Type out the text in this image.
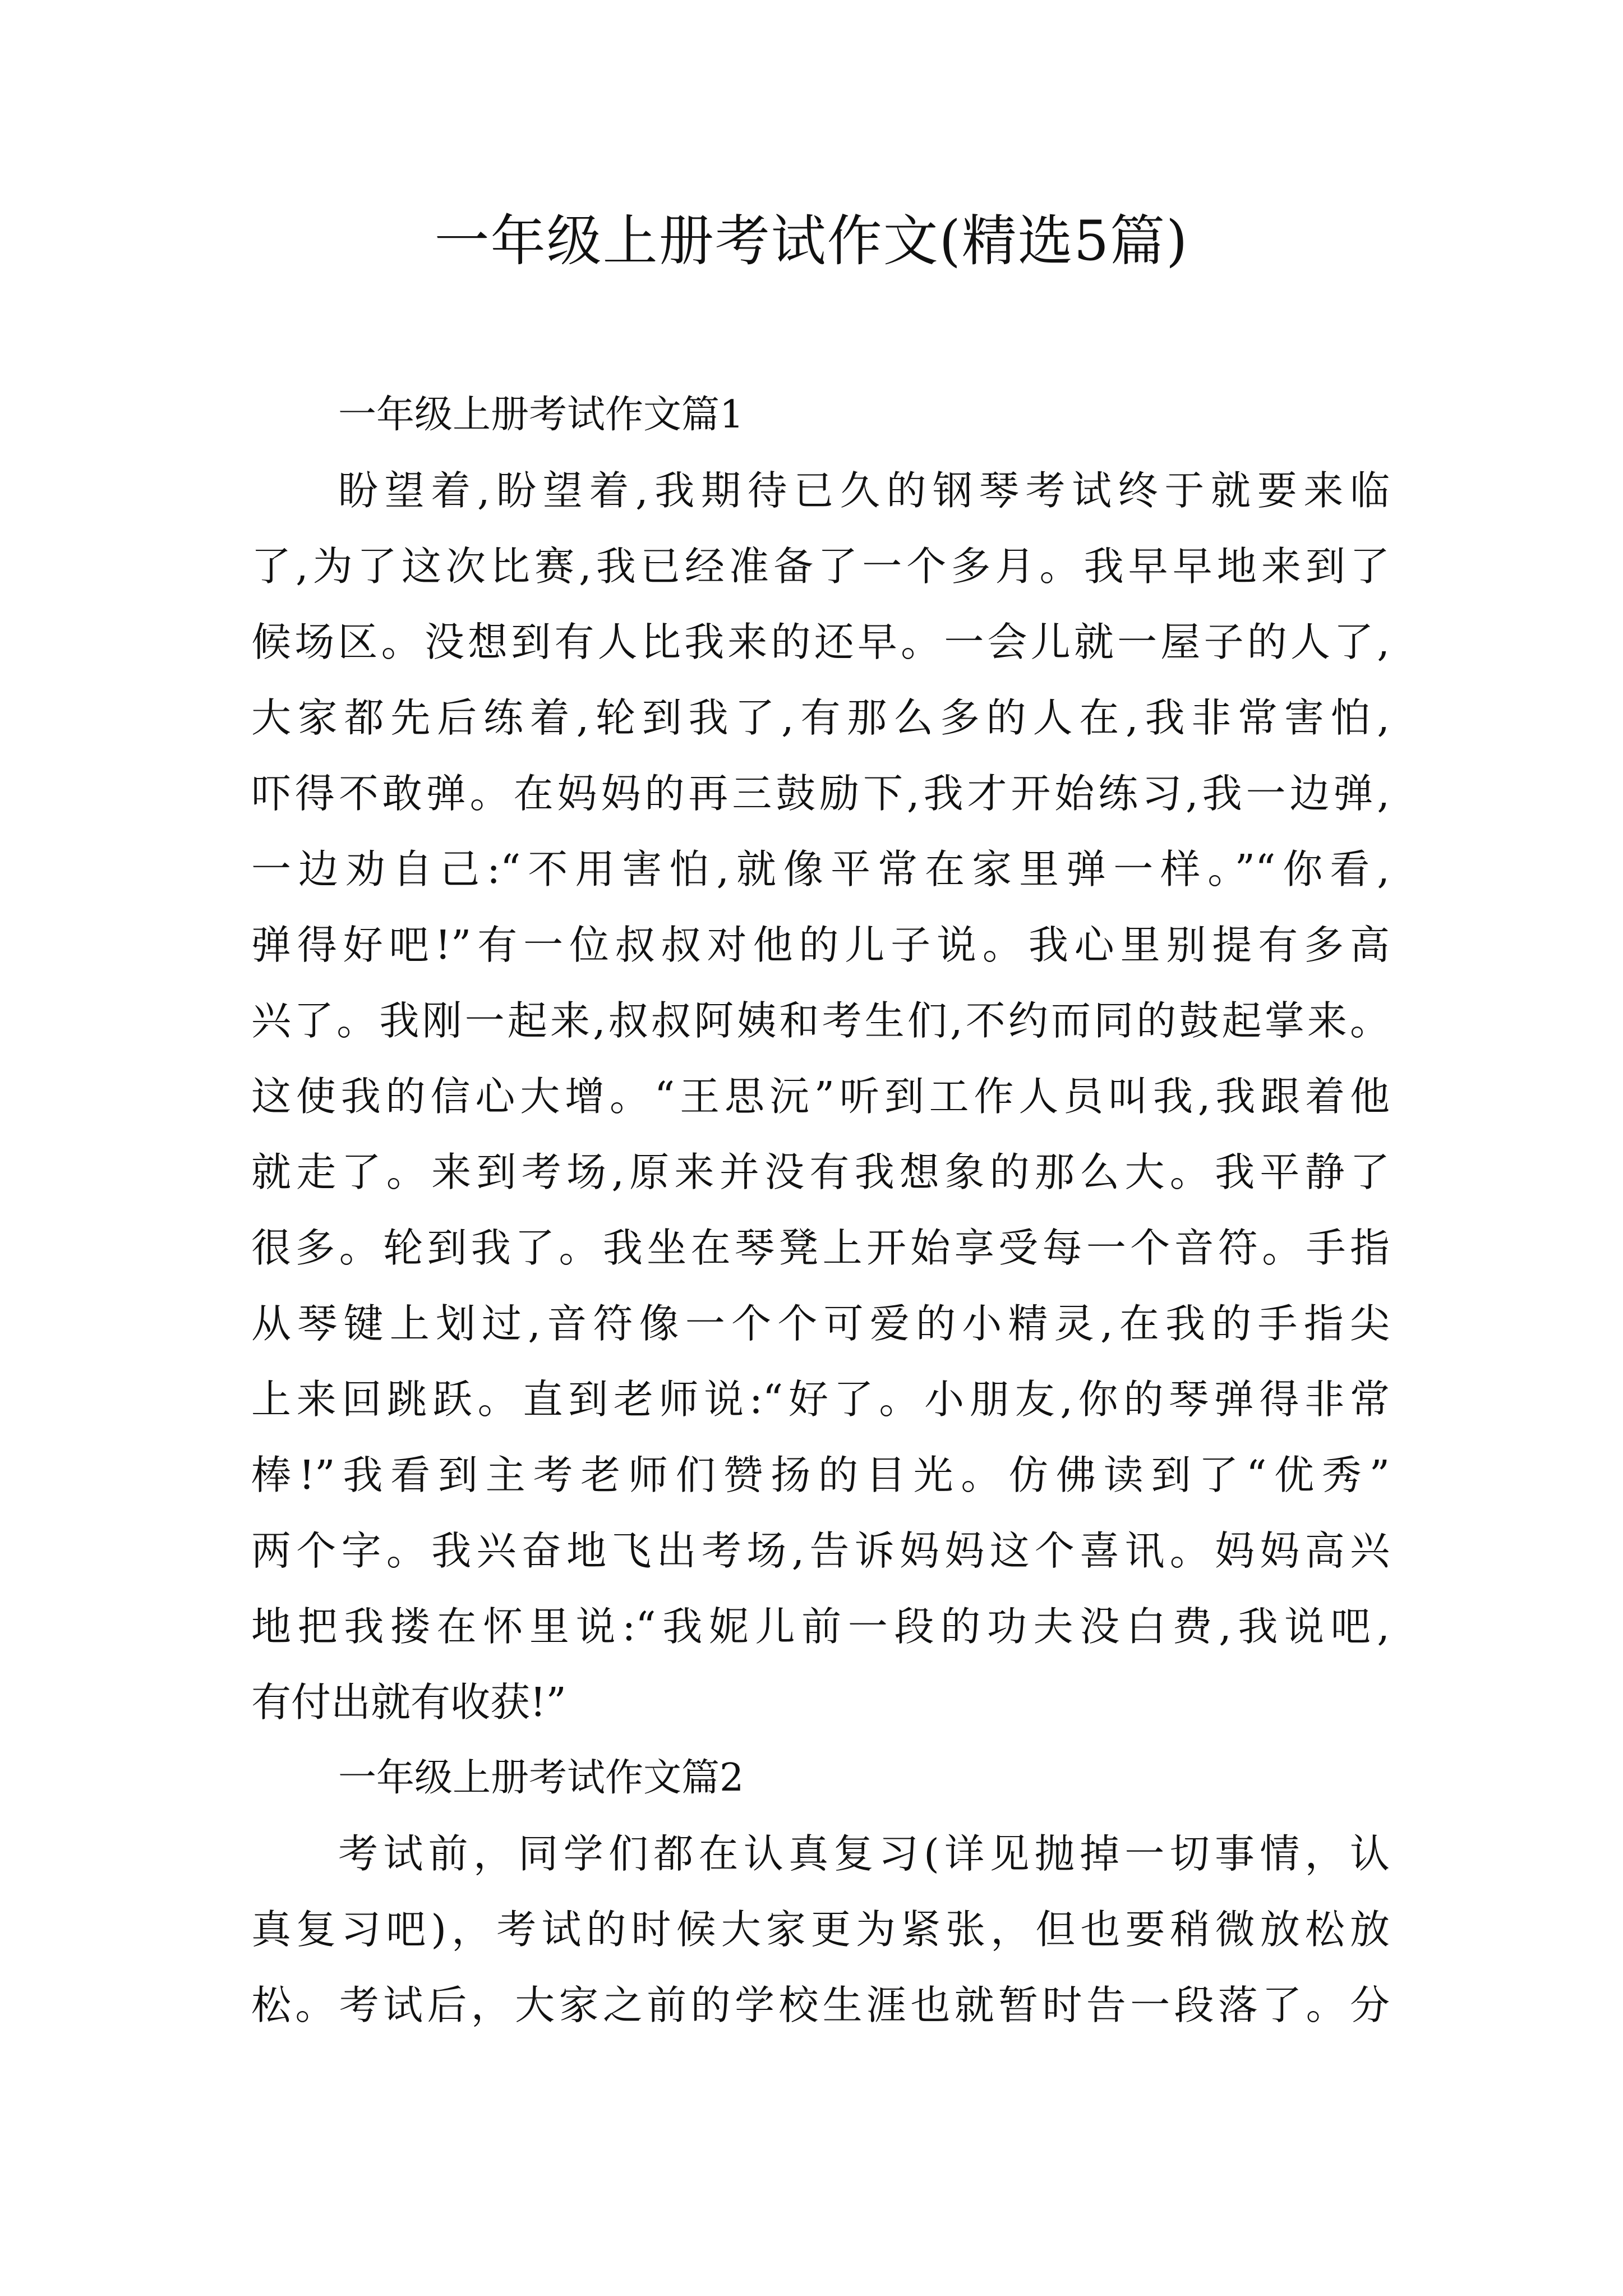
一年级上册考试作文(精选5篇)

一年级上册考试作文篇1

盼望着,盼望着,我期待已久的钢琴考试终于就要来临
了,为了这次比赛,我已经准备了一个多月。我早早地来到了
候场区。没想到有人比我来的还早。一会儿就一屋子的人了,
大家都先后练着,轮到我了,有那么多的人在,我非常害怕,
吓得不敢弹。在妈妈的再三鼓励下,我才开始练习,我一边弹,
一边劝自己:“不用害怕,就像平常在家里弹一样。”“你看,
弹得好吧!”有一位叔叔对他的儿子说。我心里别提有多高
兴了。我刚一起来,叔叔阿姨和考生们,不约而同的鼓起掌来。
这使我的信心大增。“王思沅”听到工作人员叫我,我跟着他
就走了。来到考场,原来并没有我想象的那么大。我平静了
很多。轮到我了。我坐在琴凳上开始享受每一个音符。手指
从琴键上划过,音符像一个个可爱的小精灵,在我的手指尖
上来回跳跃。直到老师说:“好了。小朋友,你的琴弹得非常
棒!”我看到主考老师们赞扬的目光。仿佛读到了“优秀”
两个字。我兴奋地飞出考场,告诉妈妈这个喜讯。妈妈高兴
地把我搂在怀里说:“我妮儿前一段的功夫没白费,我说吧,
有付出就有收获!”

一年级上册考试作文篇2

考试前，同学们都在认真复习(详见抛掉一切事情，认
真复习吧)，考试的时候大家更为紧张，但也要稍微放松放
松。考试后，大家之前的学校生涯也就暂时告一段落了。分
